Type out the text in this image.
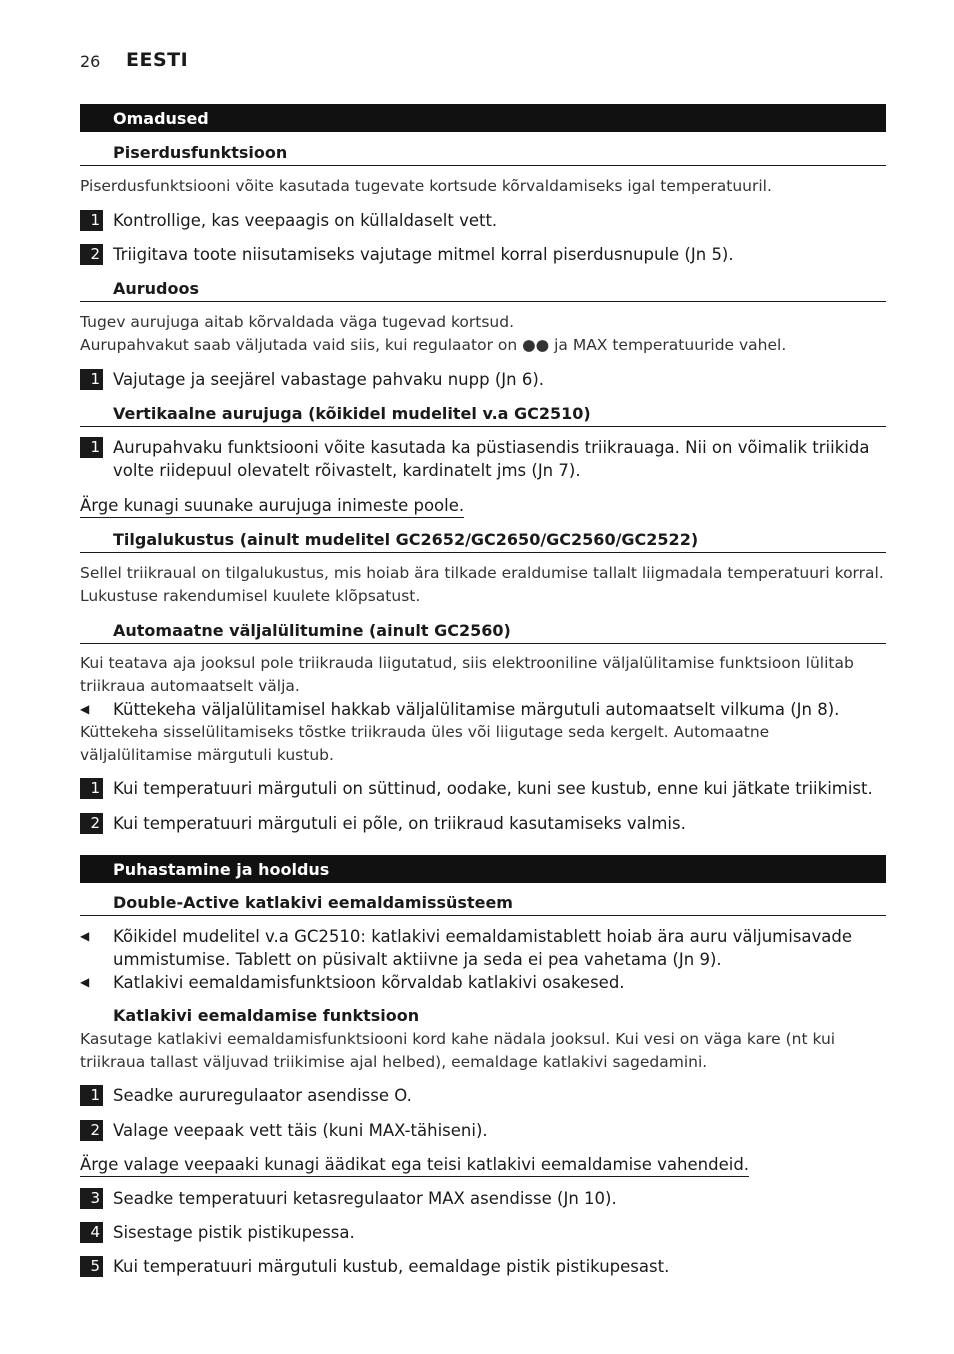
26 EESTI
Omadused
Piserdusfunktsioon
Piserdusfunktsiooni võite kasutada tugevate kortsude kõrvaldamiseks igal temperatuuril.
1 Kontrollige, kas veepaagis on küllaldaselt vett.
2 Triigitava toote niisutamiseks vajutage mitmel korral piserdusnupule (Jn 5).
Aurudoos
Tugev aurujuga aitab kõrvaldada väga tugevad kortsud.
Aurupahvakut saab väljutada vaid siis, kui regulaator on ●● ja MAX temperatuuride vahel.
1 Vajutage ja seejärel vabastage pahvaku nupp (Jn 6).
Vertikaalne aurujuga (kõikidel mudelitel v.a GC2510)
1 Aurupahvaku funktsiooni võite kasutada ka püstiasendis triikrauaga. Nii on võimalik triikida volte riidepuul olevatelt rõivastelt, kardinatelt jms (Jn 7).
Ärge kunagi suunake aurujuga inimeste poole.
Tilgalukustus (ainult mudelitel GC2652/GC2650/GC2560/GC2522)
Sellel triikraual on tilgalukustus, mis hoiab ära tilkade eraldumise tallalt liigmadala temperatuuri korral. Lukustuse rakendumisel kuulete klõpsatust.
Automaatne väljalülitumine (ainult GC2560)
Kui teatava aja jooksul pole triikrauda liigutatud, siis elektrooniline väljalülitamise funktsioon lülitab triikraua automaatselt välja.
◀︎ Küttekeha väljalülitamisel hakkab väljalülitamise märgutuli automaatselt vilkuma (Jn 8).
Küttekeha sisselülitamiseks tõstke triikrauda üles või liigutage seda kergelt. Automaatne väljalülitamise märgutuli kustub.
1 Kui temperatuuri märgutuli on süttinud, oodake, kuni see kustub, enne kui jätkate triikimist.
2 Kui temperatuuri märgutuli ei põle, on triikraud kasutamiseks valmis.
Puhastamine ja hooldus
Double-Active katlakivi eemaldamissüsteem
◀︎ Kõikidel mudelitel v.a GC2510: katlakivi eemaldamistablett hoiab ära auru väljumisavade ummistumise. Tablett on püsivalt aktiivne ja seda ei pea vahetama (Jn 9).
◀︎ Katlakivi eemaldamisfunktsioon kõrvaldab katlakivi osakesed.
Katlakivi eemaldamise funktsioon
Kasutage katlakivi eemaldamisfunktsiooni kord kahe nädala jooksul. Kui vesi on väga kare (nt kui triikraua tallast väljuvad triikimise ajal helbed), eemaldage katlakivi sagedamini.
1 Seadke aururegulaator asendisse O.
2 Valage veepaak vett täis (kuni MAX-tähiseni).
Ärge valage veepaaki kunagi äädikat ega teisi katlakivi eemaldamise vahendeid.
3 Seadke temperatuuri ketasregulaator MAX asendisse (Jn 10).
4 Sisestage pistik pistikupessa.
5 Kui temperatuuri märgutuli kustub, eemaldage pistik pistikupesast.
